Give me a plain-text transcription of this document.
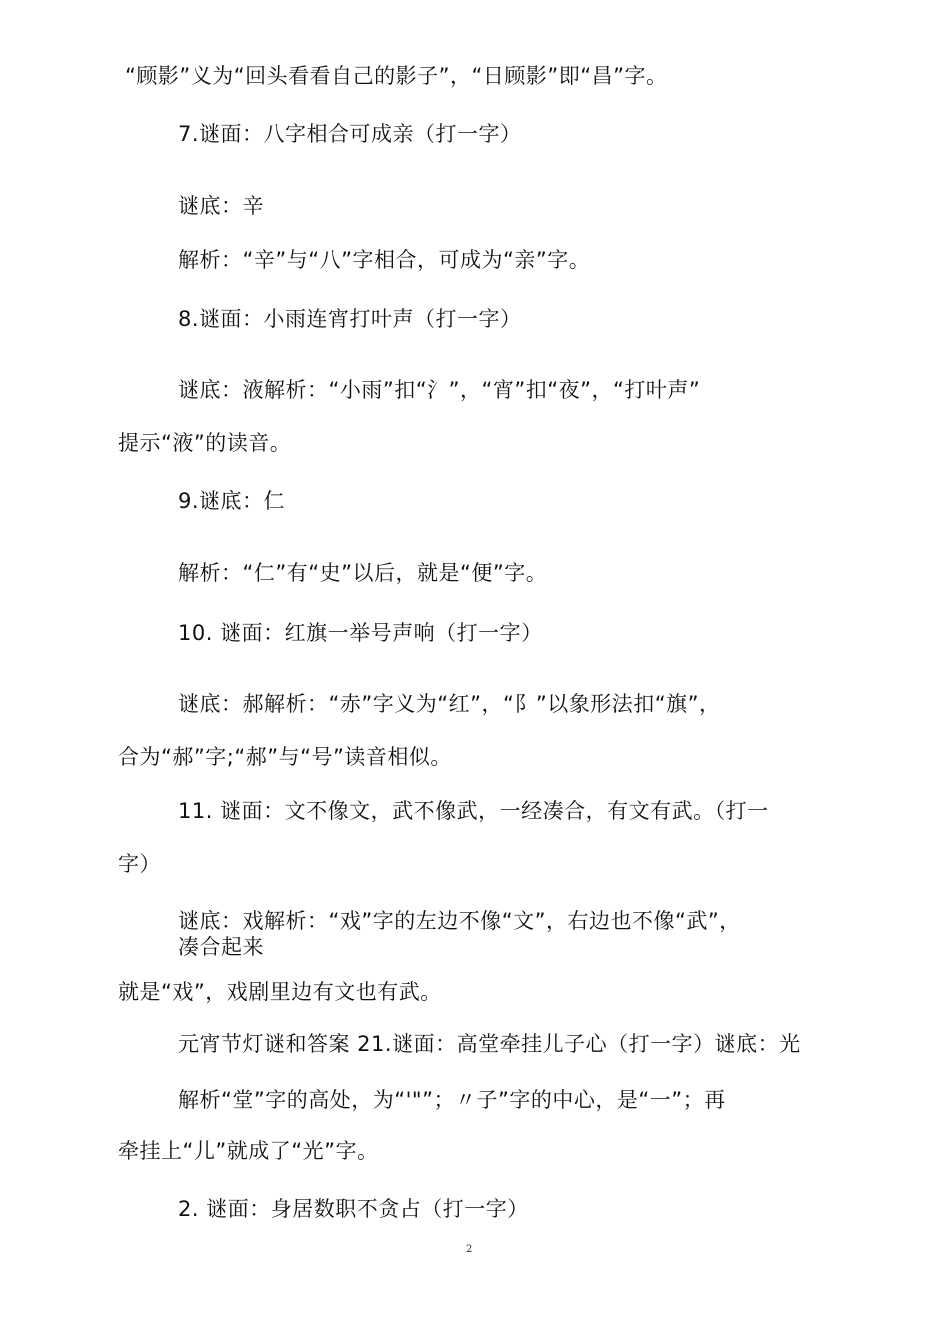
“顾影”义为“回头看看自己的影子”，“日顾影”即“昌”字。
7.谜面：八字相合可成亲（打一字）
谜底：辛
解析：“辛”与“八”字相合，可成为“亲”字。
8.谜面：小雨连宵打叶声（打一字）
谜底：液解析：“小雨”扣“氵”，“宵”扣“夜”，“打叶声”
提示“液”的读音。
9.谜底：仁
解析：“仁”有“史”以后，就是“便”字。
10. 谜面：红旗一举号声响（打一字）
谜底：郝解析：“赤”字义为“红”，“阝”以象形法扣“旗”，
合为“郝”字;“郝”与“号”读音相似。
11. 谜面：文不像文，武不像武，一经凑合，有文有武。（打一
字）
谜底：戏解析：“戏”字的左边不像“文”，右边也不像“武”，
凑合起来
就是“戏”，戏剧里边有文也有武。
元宵节灯谜和答案 21.谜面：高堂牵挂儿子心（打一字）谜底：光
解析“堂”字的高处，为“'"”；〃子”字的中心，是“一”；再
牵挂上“儿”就成了“光”字。
2. 谜面：身居数职不贪占（打一字）
2
